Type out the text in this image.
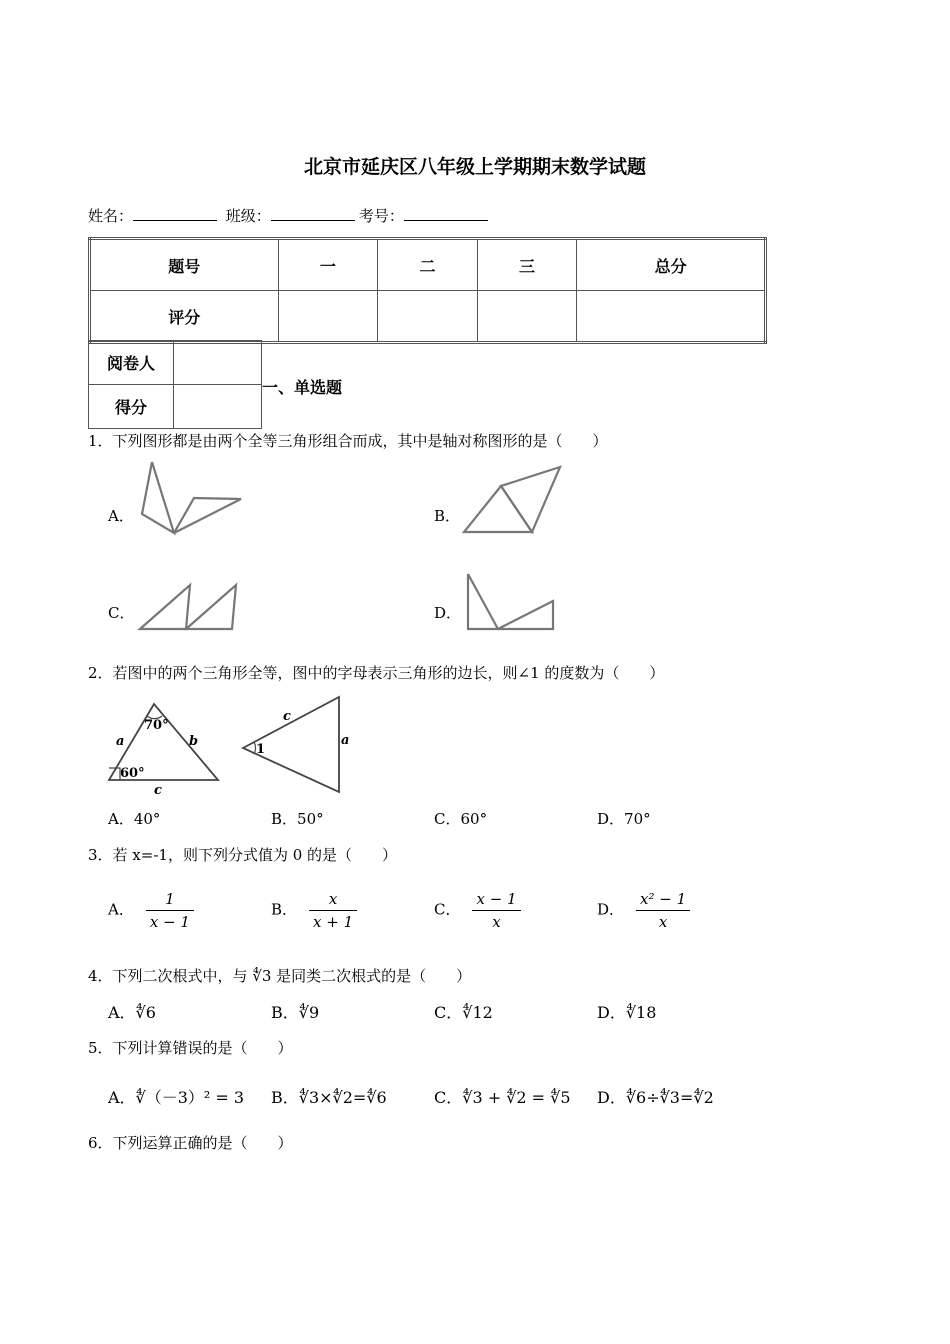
北京市延庆区八年级上学期期末数学试题
姓名：	班级：	考号：
题号	一	二	三	总分
评分				
阅卷人	
得分	
一、单选题
1．下列图形都是由两个全等三角形组合而成，其中是轴对称图形的是（　　）
A．	B．
C．	D．
2．若图中的两个三角形全等，图中的字母表示三角形的边长，则∠1 的度数为（　　）
a	b
c
70°
60°
c
a
1
A．40°	B．50°	C．60°	D．70°
3．若 x=-1，则下列分式值为 0 的是（　　）
A． $\frac{1}{x - 1}$	B． $\frac{x}{x + 1}$	C． $\frac{x - 1}{x}$	D． $\frac{\text{x² − 1}}{x}$
4．下列二次根式中，与 ∜3 是同类二次根式的是（　　）
A．∜6	B．∜9	C．∜12	D．∜18
5．下列计算错误的是（　　）
A．∜（－3）² = 3 B．∜3×∜2=∜6	C．∜3 + ∜2 = ∜5 D．∜6÷∜3=∜2
6．下列运算正确的是（　　）
